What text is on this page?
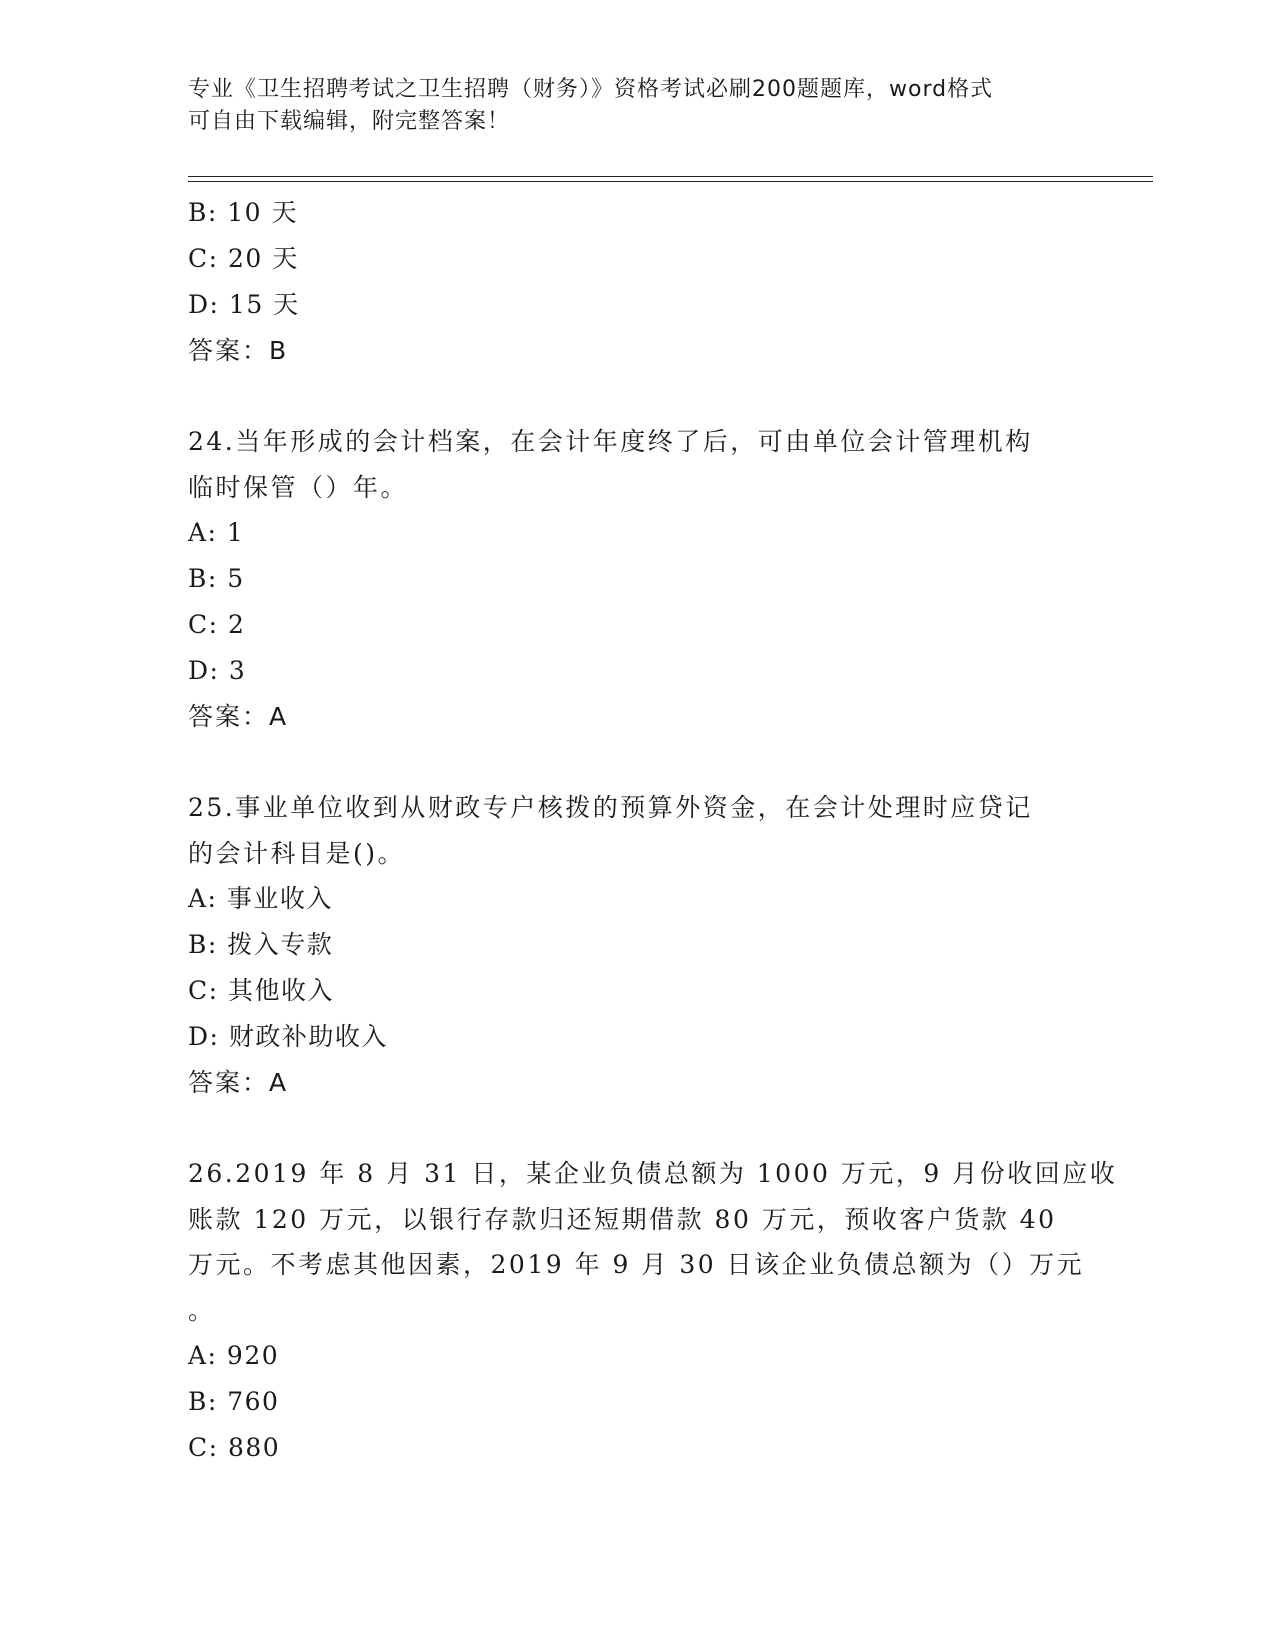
专业《卫生招聘考试之卫生招聘（财务）》资格考试必刷200题题库，word格式
可自由下载编辑，附完整答案！
B: 10 天
C: 20 天
D: 15 天
答案：B
24.当年形成的会计档案，在会计年度终了后，可由单位会计管理机构
临时保管（）年。
A: 1
B: 5
C: 2
D: 3
答案：A
25.事业单位收到从财政专户核拨的预算外资金，在会计处理时应贷记
的会计科目是()。
A: 事业收入
B: 拨入专款
C: 其他收入
D: 财政补助收入
答案：A
26.2019 年 8 月 31 日，某企业负债总额为 1000 万元，9 月份收回应收
账款 120 万元，以银行存款归还短期借款 80 万元，预收客户货款 40
万元。不考虑其他因素，2019 年 9 月 30 日该企业负债总额为（）万元
。
A: 920
B: 760
C: 880
